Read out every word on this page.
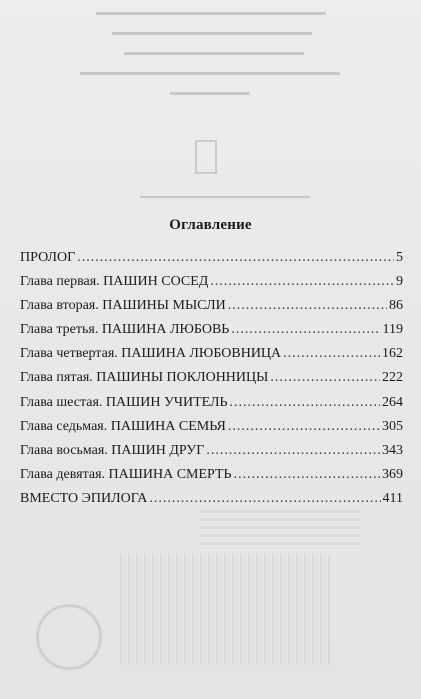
Оглавление
ПРОЛОГ .....	5
Глава первая. ПАШИН СОСЕД .....	9
Глава вторая. ПАШИНЫ МЫСЛИ .....	86
Глава третья. ПАШИНА ЛЮБОВЬ .....	119
Глава четвертая. ПАШИНА ЛЮБОВНИЦА .....	162
Глава пятая. ПАШИНЫ ПОКЛОННИЦЫ .....	222
Глава шестая. ПАШИН УЧИТЕЛЬ .....	264
Глава седьмая. ПАШИНА СЕМЬЯ .....	305
Глава восьмая. ПАШИН ДРУГ .....	343
Глава девятая. ПАШИНА СМЕРТЬ .....	369
ВМЕСТО ЭПИЛОГА .....	411
